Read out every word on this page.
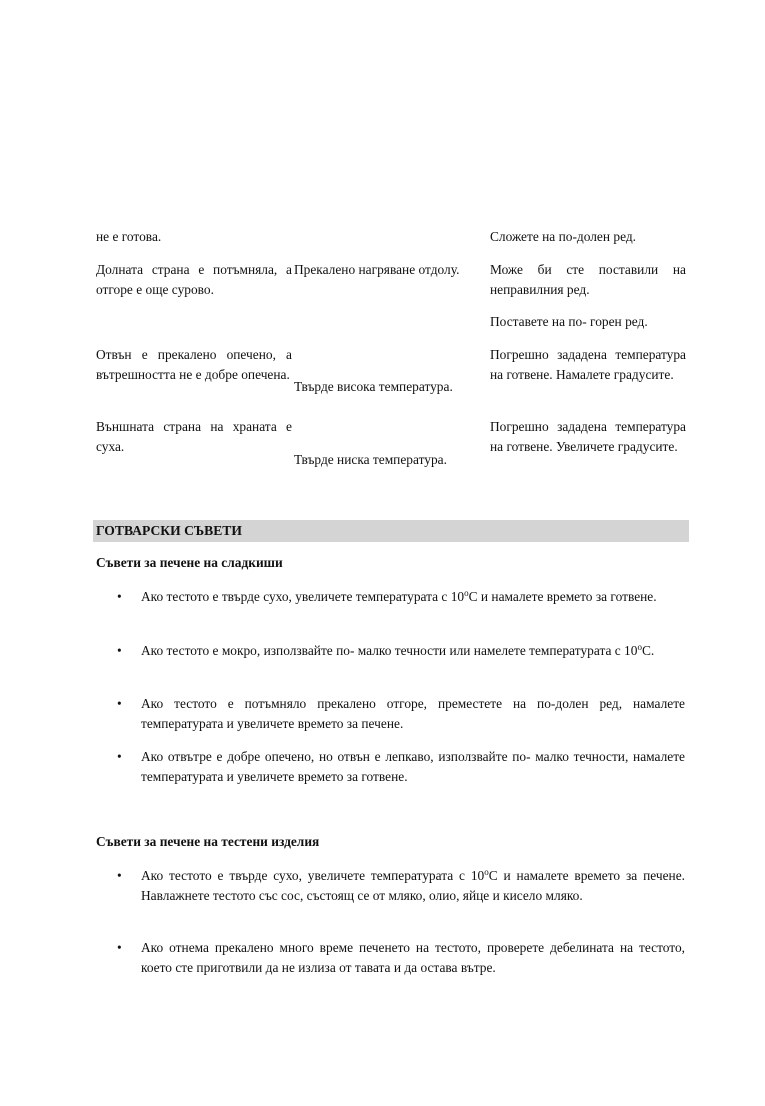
не е готова.	Сложете на по-долен ред.
Долната страна е потъмняла, а отгоре е още сурово.
Прекалено нагряване отдолу.	Може би сте поставили на неправилния ред.
Поставете на по- горен ред.
Отвън е прекалено опечено, а вътрешността не е добре опечена.
Твърде висока температура.
Погрешно зададена температура на готвене. Намалете градусите.
Външната страна на храната е суха.
Твърде ниска температура.
Погрешно зададена температура на готвене. Увеличете градусите.
ГОТВАРСКИ СЪВЕТИ
Съвети за печене на сладкиши
• Ако тестото е твърде сухо, увеличете температурата с 10$^o$C и намалете времето за готвене.
• Ако тестото е мокро, използвайте по- малко течности или намелете температурата с 10$^o$C.
• Ако тестото е потъмняло прекалено отгоре, преместете на по-долен ред, намалете температурата и увеличете времето за печене.
• Ако отвътре е добре опечено, но отвън е лепкаво, използвайте по- малко течности, намалете температурата и увеличете времето за готвене.
Съвети за печене на тестени изделия
• Ако тестото е твърде сухо, увеличете температурата с 10$^o$C и намалете времето за печене. Навлажнете тестото със сос, състоящ се от мляко, олио, яйце и кисело мляко.
• Ако отнема прекалено много време печенето на тестото, проверете дебелината на тестото, което сте приготвили да не излиза от тавата и да остава вътре.
